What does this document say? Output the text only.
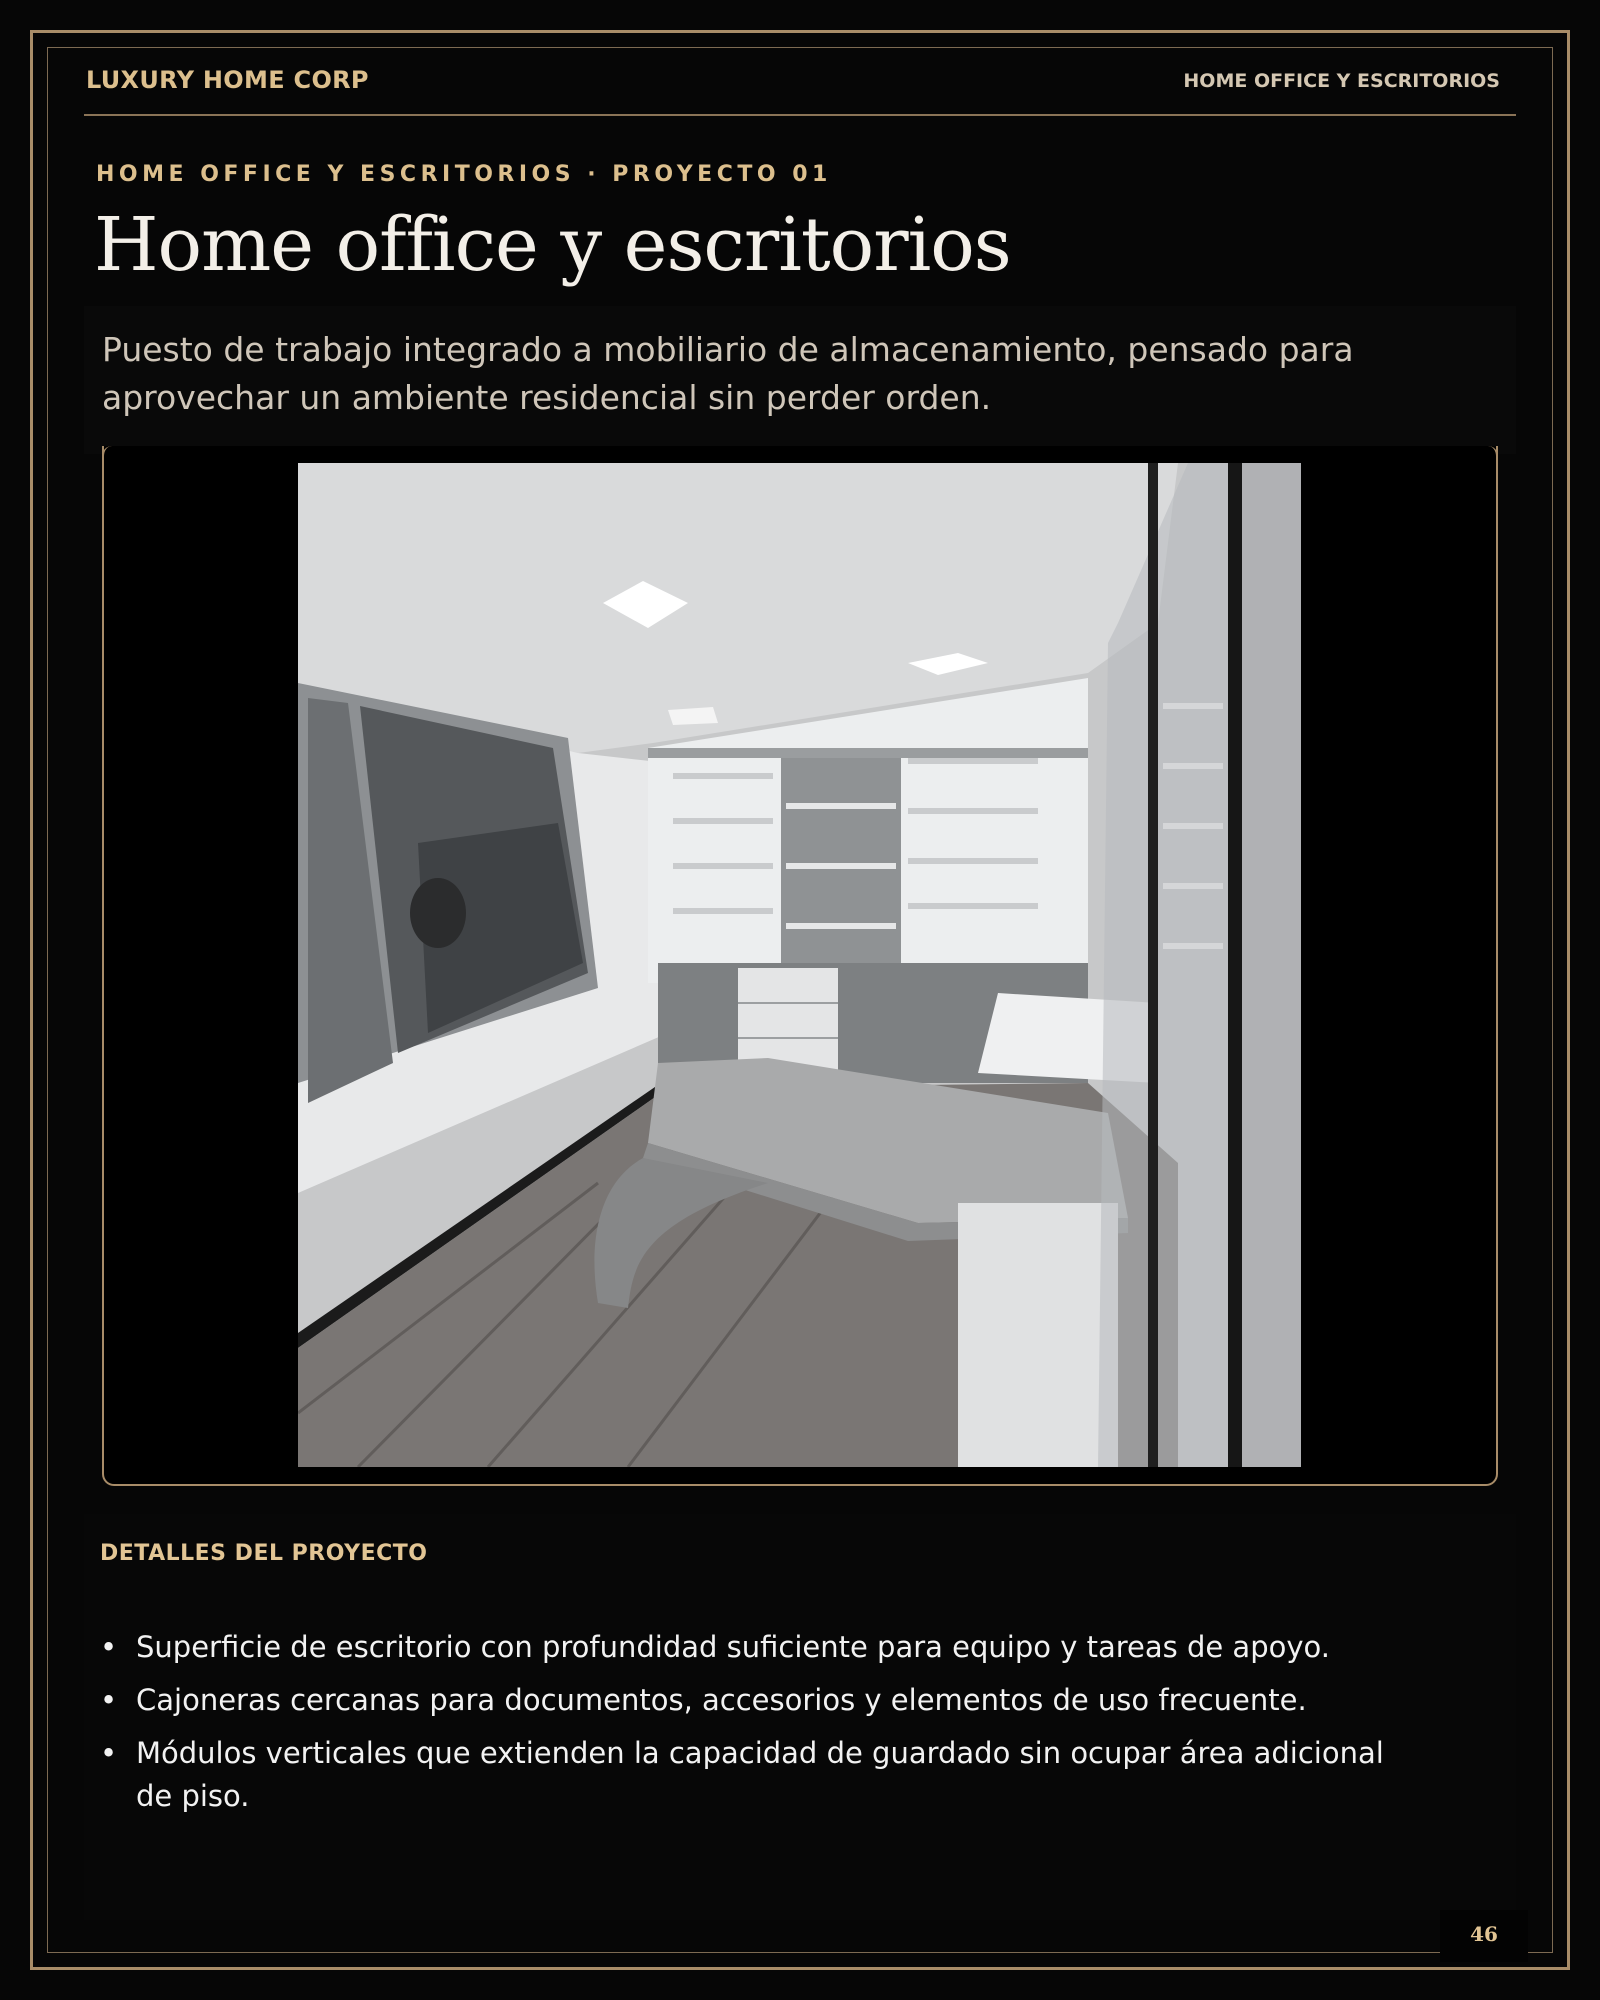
LUXURY HOME CORP	HOME OFFICE Y ESCRITORIOS
HOME OFFICE Y ESCRITORIOS · PROYECTO 01
Home office y escritorios

Puesto de trabajo integrado a mobiliario de almacenamiento, pensado para aprovechar un ambiente residencial sin perder orden.

DETALLES DEL PROYECTO
• Superficie de escritorio con profundidad suficiente para equipo y tareas de apoyo.
• Cajoneras cercanas para documentos, accesorios y elementos de uso frecuente.
• Módulos verticales que extienden la capacidad de guardado sin ocupar área adicional de piso.
46
